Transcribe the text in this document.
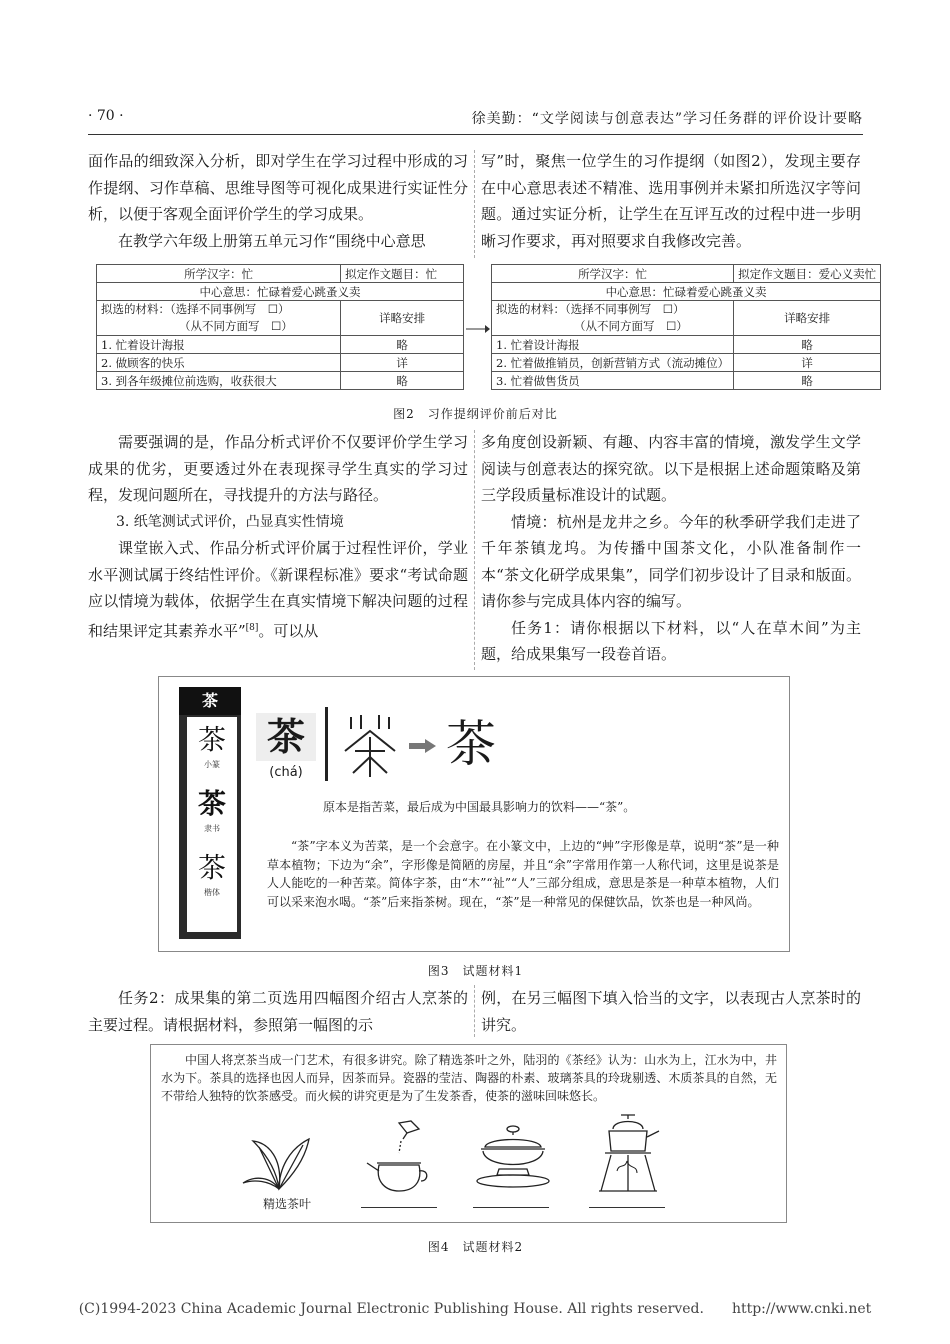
· 70 ·	徐美勤：“文学阅读与创意表达”学习任务群的评价设计要略

面作品的细致深入分析，即对学生在学习过程中形成的习作提纲、习作草稿、思维导图等可视化成果进行实证性分析，以便于客观全面评价学生的学习成果。

在教学六年级上册第五单元习作“围绕中心意思

写”时，聚焦一位学生的习作提纲（如图2），发现主要存在中心意思表述不精准、选用事例并未紧扣所选汉字等问题。通过实证分析，让学生在互评互改的过程中进一步明晰习作要求，再对照要求自我修改完善。

所学汉字：忙	拟定作文题目：忙
中心意思：忙碌着爱心跳蚤义卖	

拟选的材料：（选择不同事例写　☐）
（从不同方面写　☐）	详略安排
1. 忙着设计海报	略
2. 做顾客的快乐	详
3. 到各年级摊位前选购，收获很大	略
所学汉字：忙	拟定作文题目：爱心义卖忙
中心意思：忙碌着爱心跳蚤义卖	

拟选的材料：（选择不同事例写　☐）
（从不同方面写　☐）	详略安排
1. 忙着设计海报	略
2. 忙着做推销员，创新营销方式（流动摊位）	详
3. 忙着做售货员	略
图2　习作提纲评价前后对比

需要强调的是，作品分析式评价不仅要评价学生学习成果的优劣，更要透过外在表现探寻学生真实的学习过程，发现问题所在，寻找提升的方法与路径。

3. 纸笔测试式评价，凸显真实性情境

课堂嵌入式、作品分析式评价属于过程性评价，学业水平测试属于终结性评价。《新课程标准》要求“考试命题应以情境为载体，依据学生在真实情境下解决问题的过程和结果评定其素养水平”[8]。可以从

多角度创设新颖、有趣、内容丰富的情境，激发学生文学阅读与创意表达的探究欲。以下是根据上述命题策略及第三学段质量标准设计的试题。

情境：杭州是龙井之乡。今年的秋季研学我们走进了千年茶镇龙坞。为传播中国茶文化，小队准备制作一本“茶文化研学成果集”，同学们初步设计了目录和版面。请你参与完成具体内容的编写。

任务1：请你根据以下材料，以“人在草木间”为主题，给成果集写一段卷首语。

茶
茶
小篆
茶
隶书
茶
楷体
茶
(chá)	茶
原本是指苦菜，最后成为中国最具影响力的饮料——“茶”。
“茶”字本义为苦菜，是一个会意字。在小篆文中，上边的“艸”字形像是草，说明“茶”是一种草本植物；下边为“余”，字形像是简陋的房屋，并且“余”字常用作第一人称代词，这里是说茶是人人能吃的一种苦菜。简体字茶，由“木”“祉”“人”三部分组成，意思是茶是一种草本植物，人们可以采来泡水喝。“茶”后来指茶树。现在，“茶”是一种常见的保健饮品，饮茶也是一种风尚。
图3　试题材料1

任务2：成果集的第二页选用四幅图介绍古人烹茶的主要过程。请根据材料，参照第一幅图的示

例，在另三幅图下填入恰当的文字，以表现古人烹茶时的讲究。

中国人将烹茶当成一门艺术，有很多讲究。除了精选茶叶之外，陆羽的《茶经》认为：山水为上，江水为中，井水为下。茶具的选择也因人而异，因茶而异。瓷器的莹洁、陶器的朴素、玻璃茶具的玲珑剔透、木质茶具的自然，无不带给人独特的饮茶感受。而火候的讲究更是为了生发茶香，使茶的滋味回味悠长。
精选茶叶
图4　试题材料2
(C)1994-2023 China Academic Journal Electronic Publishing House. All rights reserved.　　http://www.cnki.net
